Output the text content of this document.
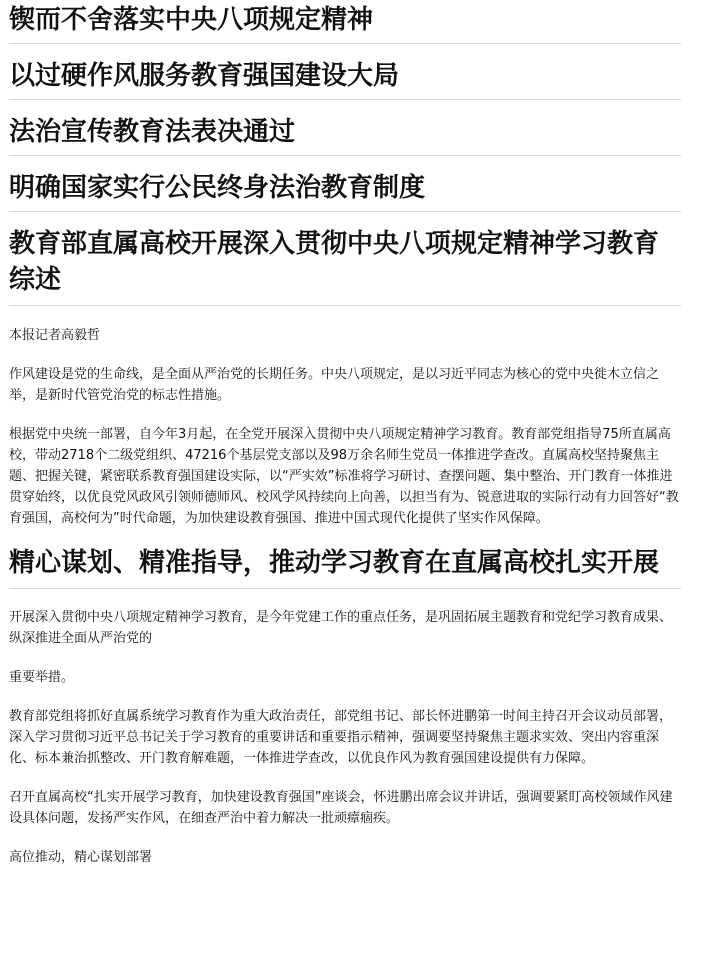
锲而不舍落实中央八项规定精神
以过硬作风服务教育强国建设大局
法治宣传教育法表决通过
明确国家实行公民终身法治教育制度
教育部直属高校开展深入贯彻中央八项规定精神学习教育综述

本报记者高毅哲

作风建设是党的生命线，是全面从严治党的长期任务。中央八项规定，是以习近平同志为核心的党中央徙木立信之举，是新时代管党治党的标志性措施。

根据党中央统一部署，自今年3月起，在全党开展深入贯彻中央八项规定精神学习教育。教育部党组指导75所直属高校，带动2718个二级党组织、47216个基层党支部以及98万余名师生党员一体推进学查改。直属高校坚持聚焦主题、把握关键，紧密联系教育强国建设实际，以“严实效”标准将学习研讨、查摆问题、集中整治、开门教育一体推进贯穿始终，以优良党风政风引领师德师风、校风学风持续向上向善，以担当有为、锐意进取的实际行动有力回答好“教育强国，高校何为”时代命题，为加快建设教育强国、推进中国式现代化提供了坚实作风保障。

精心谋划、精准指导，推动学习教育在直属高校扎实开展

开展深入贯彻中央八项规定精神学习教育，是今年党建工作的重点任务，是巩固拓展主题教育和党纪学习教育成果、纵深推进全面从严治党的

重要举措。

教育部党组将抓好直属系统学习教育作为重大政治责任，部党组书记、部长怀进鹏第一时间主持召开会议动员部署，深入学习贯彻习近平总书记关于学习教育的重要讲话和重要指示精神，强调要坚持聚焦主题求实效、突出内容重深化、标本兼治抓整改、开门教育解难题，一体推进学查改，以优良作风为教育强国建设提供有力保障。

召开直属高校“扎实开展学习教育，加快建设教育强国”座谈会，怀进鹏出席会议并讲话，强调要紧盯高校领域作风建设具体问题，发扬严实作风，在细查严治中着力解决一批顽瘴痼疾。

高位推动，精心谋划部署
